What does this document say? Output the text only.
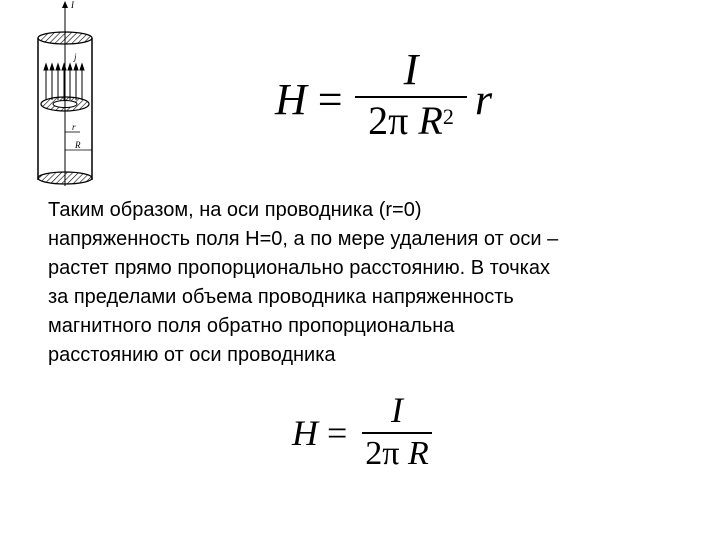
I
j
r
R
H =
I
2π $R^2$ r

Таким образом, на оси проводника (r=0)
напряженность поля H=0, а по мере удаления от оси –
растет прямо пропорционально расстоянию. В точках
за пределами объема проводника напряженность
магнитного поля обратно пропорциональна
расстоянию от оси проводника

H =
I
2π R
